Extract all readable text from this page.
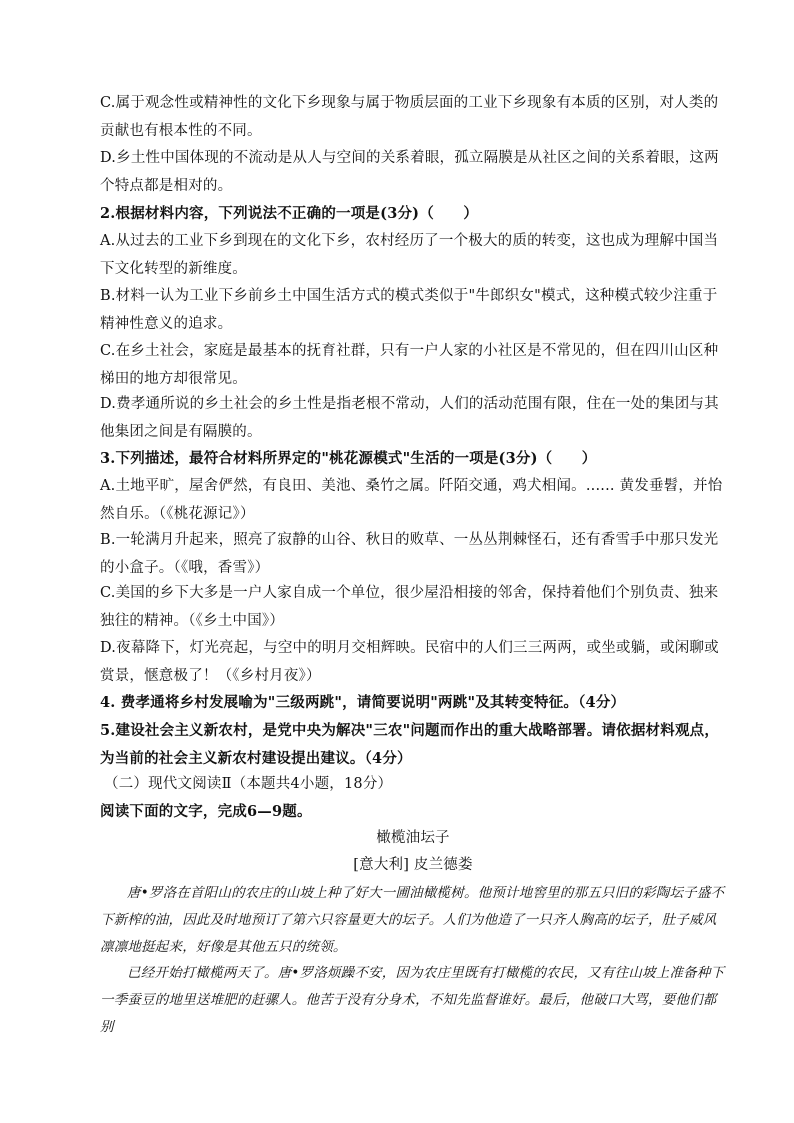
C.属于观念性或精神性的文化下乡现象与属于物质层面的工业下乡现象有本质的区别，对人类的贡献也有根本性的不同。

D.乡土性中国体现的不流动是从人与空间的关系着眼，孤立隔膜是从社区之间的关系着眼，这两个特点都是相对的。

2.根据材料内容，下列说法不正确的一项是(3分)（　　）

A.从过去的工业下乡到现在的文化下乡，农村经历了一个极大的质的转变，这也成为理解中国当下文化转型的新维度。

B.材料一认为工业下乡前乡土中国生活方式的模式类似于"牛郎织女"模式，这种模式较少注重于精神性意义的追求。

C.在乡土社会，家庭是最基本的抚育社群，只有一户人家的小社区是不常见的，但在四川山区种梯田的地方却很常见。

D.费孝通所说的乡土社会的乡土性是指老根不常动，人们的活动范围有限，住在一处的集团与其他集团之间是有隔膜的。

3.下列描述，最符合材料所界定的"桃花源模式"生活的一项是(3分)（　　）

A.土地平旷，屋舍俨然，有良田、美池、桑竹之属。阡陌交通，鸡犬相闻。...... 黄发垂髫，并怡然自乐。（《桃花源记》）

B.一轮满月升起来，照亮了寂静的山谷、秋日的败草、一丛丛荆棘怪石，还有香雪手中那只发光的小盒子。（《哦，香雪》）

C.美国的乡下大多是一户人家自成一个单位，很少屋沿相接的邻舍，保持着他们个别负责、独来独往的精神。（《乡土中国》）

D.夜幕降下，灯光亮起，与空中的明月交相辉映。民宿中的人们三三两两，或坐或躺，或闲聊或赏景，惬意极了！（《乡村月夜》）

4. 费孝通将乡村发展喻为"三级两跳"，请简要说明"两跳"及其转变特征。（4分）

5.建设社会主义新农村，是党中央为解决"三农"问题而作出的重大战略部署。请依据材料观点，为当前的社会主义新农村建设提出建议。（4分）

（二）现代文阅读Ⅱ（本题共4小题，18分）

阅读下面的文字，完成6—9题。

橄榄油坛子

[意大利] 皮兰德娄

唐•罗洛在首阳山的农庄的山坡上种了好大一圃油橄榄树。他预计地窖里的那五只旧的彩陶坛子盛不下新榨的油，因此及时地预订了第六只容量更大的坛子。人们为他造了一只齐人胸高的坛子，肚子威风凛凛地挺起来，好像是其他五只的统领。

已经开始打橄榄两天了。唐•罗洛烦躁不安，因为农庄里既有打橄榄的农民，又有往山坡上准备种下一季蚕豆的地里送堆肥的赶骡人。他苦于没有分身术，不知先监督谁好。最后，他破口大骂，要他们都别
